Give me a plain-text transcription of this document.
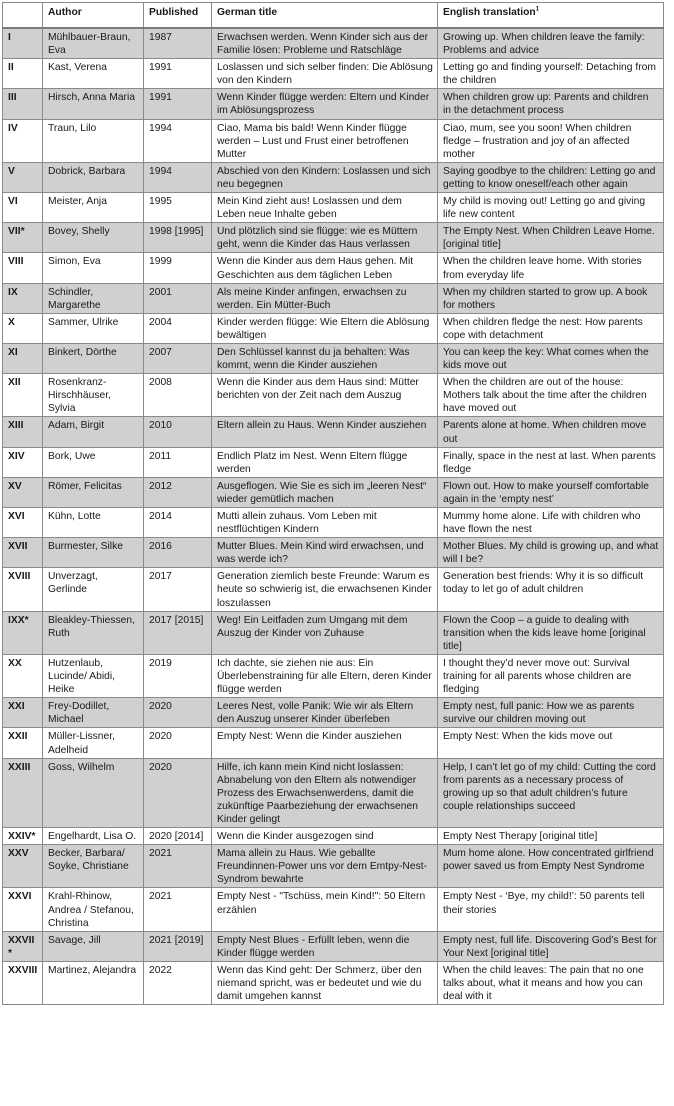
	Author	Published	German title	English translation$^1$
I	Mühlbauer-Braun, Eva	1987	Erwachsen werden. Wenn Kinder sich aus der Familie lösen: Probleme und Ratschläge	Growing up. When children leave the family: Problems and advice
II	Kast, Verena	1991	Loslassen und sich selber finden: Die Ablösung von den Kindern	Letting go and finding yourself: Detaching from the children
III	Hirsch, Anna Maria	1991	Wenn Kinder flügge werden: Eltern und Kinder im Ablösungsprozess	When children grow up: Parents and children in the detachment process
IV	Traun, Lilo	1994	Ciao, Mama bis bald! Wenn Kinder flügge werden – Lust und Frust einer betroffenen Mutter	Ciao, mum, see you soon! When children fledge – frustration and joy of an affected mother
V	Dobrick, Barbara	1994	Abschied von den Kindern: Loslassen und sich neu begegnen	Saying goodbye to the children: Letting go and getting to know oneself/each other again
VI	Meister, Anja	1995	Mein Kind zieht aus! Loslassen und dem Leben neue Inhalte geben	My child is moving out! Letting go and giving life new content
VII*	Bovey, Shelly	1998 [1995]	Und plötzlich sind sie flügge: wie es Müttern geht, wenn die Kinder das Haus verlassen	The Empty Nest. When Children Leave Home. [original title]
VIII	Simon, Eva	1999	Wenn die Kinder aus dem Haus gehen. Mit Geschichten aus dem täglichen Leben	When the children leave home. With stories from everyday life
IX	Schindler, Margarethe	2001	Als meine Kinder anfingen, erwachsen zu werden. Ein Mütter-Buch	When my children started to grow up. A book for mothers
X	Sammer, Ulrike	2004	Kinder werden flügge: Wie Eltern die Ablösung bewältigen	When children fledge the nest: How parents cope with detachment
XI	Binkert, Dörthe	2007	Den Schlüssel kannst du ja behalten: Was kommt, wenn die Kinder ausziehen	You can keep the key: What comes when the kids move out
XII	Rosenkranz-Hirschhäuser, Sylvia	2008	Wenn die Kinder aus dem Haus sind: Mütter berichten von der Zeit nach dem Auszug	When the children are out of the house: Mothers talk about the time after the children have moved out
XIII	Adam, Birgit	2010	Eltern allein zu Haus. Wenn Kinder ausziehen	Parents alone at home. When children move out
XIV	Bork, Uwe	2011	Endlich Platz im Nest. Wenn Eltern flügge werden	Finally, space in the nest at last. When parents fledge
XV	Römer, Felicitas	2012	Ausgeflogen. Wie Sie es sich im „leeren Nest“ wieder gemütlich machen	Flown out. How to make yourself comfortable again in the ‘empty nest’
XVI	Kühn, Lotte	2014	Mutti allein zuhaus. Vom Leben mit nestflüchtigen Kindern	Mummy home alone. Life with children who have flown the nest
XVII	Burmester, Silke	2016	Mutter Blues. Mein Kind wird erwachsen, und was werde ich?	Mother Blues. My child is growing up, and what will I be?
XVIII	Unverzagt, Gerlinde	2017	Generation ziemlich beste Freunde: Warum es heute so schwierig ist, die erwachsenen Kinder loszulassen	Generation best friends: Why it is so difficult today to let go of adult children
IXX*	Bleakley-Thiessen, Ruth	2017 [2015]	Weg! Ein Leitfaden zum Umgang mit dem Auszug der Kinder von Zuhause	Flown the Coop – a guide to dealing with transition when the kids leave home [original title]
XX	Hutzenlaub, Lucinde/ Abidi, Heike	2019	Ich dachte, sie ziehen nie aus: Ein Überlebenstraining für alle Eltern, deren Kinder flügge werden	I thought they’d never move out: Survival training for all parents whose children are fledging
XXI	Frey-Dodillet, Michael	2020	Leeres Nest, volle Panik: Wie wir als Eltern den Auszug unserer Kinder überleben	Empty nest, full panic: How we as parents survive our children moving out
XXII	Müller-Lissner, Adelheid	2020	Empty Nest: Wenn die Kinder ausziehen	Empty Nest: When the kids move out
XXIII	Goss, Wilhelm	2020	Hilfe, ich kann mein Kind nicht loslassen: Abnabelung von den Eltern als notwendiger Prozess des Erwachsenwerdens, damit die zukünftige Paarbeziehung der erwachsenen Kinder gelingt	Help, I can’t let go of my child: Cutting the cord from parents as a necessary process of growing up so that adult children’s future couple relationships succeed
XXIV*	Engelhardt, Lisa O.	2020 [2014]	Wenn die Kinder ausgezogen sind	Empty Nest Therapy [original title]
XXV	Becker, Barbara/ Soyke, Christiane	2021	Mama allein zu Haus. Wie geballte Freundinnen-Power uns vor dem Emtpy-Nest-Syndrom bewahrte	Mum home alone. How concentrated girlfriend power saved us from Empty Nest Syndrome
XXVI	Krahl-Rhinow, Andrea / Stefanou, Christina	2021	Empty Nest - "Tschüss, mein Kind!": 50 Eltern erzählen	Empty Nest - ‘Bye, my child!’: 50 parents tell their stories
XXVII*	Savage, Jill	2021 [2019]	Empty Nest Blues - Erfüllt leben, wenn die Kinder flügge werden	Empty nest, full life. Discovering God’s Best for Your Next [original title]
XXVIII	Martinez, Alejandra	2022	Wenn das Kind geht: Der Schmerz, über den niemand spricht, was er bedeutet und wie du damit umgehen kannst	When the child leaves: The pain that no one talks about, what it means and how you can deal with it
